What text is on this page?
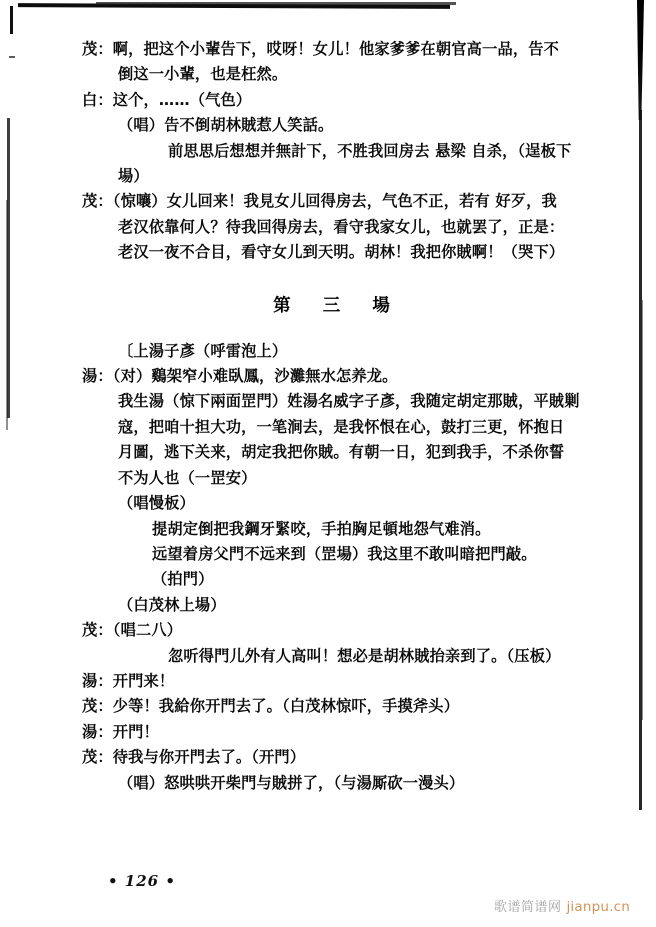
茂：啊，把这个小輩告下，哎呀！女儿！他家爹爹在朝官高一品，告不
倒这一小輩，也是枉然。
白：这个，……（气色）
（唱）告不倒胡林賊惹人笑話。
前思思后想想并無計下，不胜我回房去 悬梁 自杀，（逞板下
場）
茂：（惊嚷）女儿回来！我見女儿回得房去，气色不正，若有 好歹，我
老汉依靠何人？待我回得房去，看守我家女儿，也就罢了，正是：
老汉一夜不合目，看守女儿到天明。胡林！我把你賊啊！（哭下）
第 三 場
〔上湯子彥（呼雷泡上）
湯：（对）鷄架窄小难臥鳳，沙灘無水怎养龙。
我生湯（惊下兩面罡門）姓湯名威字子彥，我随定胡定那賊，平賊剿
寇，把咱十担大功，一笔涧去，是我怀恨在心，鼓打三更，怀抱日
月圖，逃下关来，胡定我把你賊。有朝一日，犯到我手，不杀你誓
不为人也（一罡安）
（唱慢板）
提胡定倒把我鋼牙緊咬，手拍胸足頓地怨气难消。
远望着房父門不远来到（罡場）我这里不敢叫暗把門敲。
（拍門）
（白茂林上場）
茂：（唱二八）
忽听得門儿外有人高叫！想必是胡林賊抬亲到了。（压板）
湯：开門来！
茂：少等！我給你开門去了。（白茂林惊吓，手摸斧头）
湯：开門！
茂：待我与你开門去了。（开門）
（唱）怒哄哄开柴門与賊拼了，（与湯厮砍一漫头）
• 126 •
歌谱简谱网 jianpu.cn
